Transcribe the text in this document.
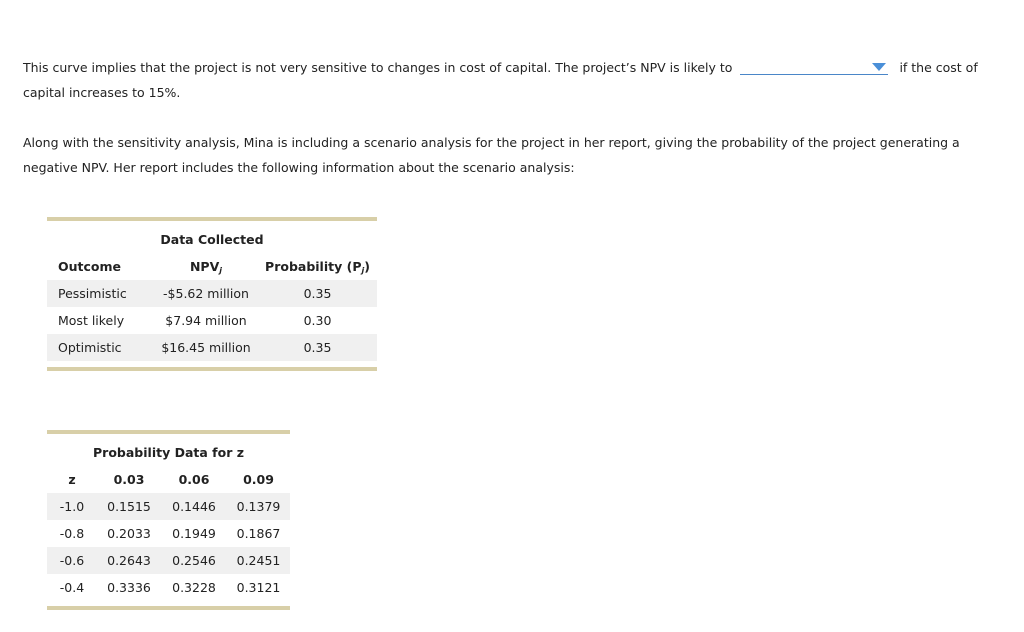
This curve implies that the project is not very sensitive to changes in cost of capital. The project’s NPV is likely to	if the cost of capital increases to 15%.
Along with the sensitivity analysis, Mina is including a scenario analysis for the project in her report, giving the probability of the project generating a negative NPV. Her report includes the following information about the scenario analysis:
Data Collected		
Outcome	NPVj	Probability (Pj)
Pessimistic	-$5.62 million	0.35
Most likely	$7.94 million	0.30
Optimistic	$16.45 million	0.35
Probability Data for z			
z	0.03	0.06	0.09
-1.0	0.1515	0.1446	0.1379
-0.8	0.2033	0.1949	0.1867
-0.6	0.2643	0.2546	0.2451
-0.4	0.3336	0.3228	0.3121
